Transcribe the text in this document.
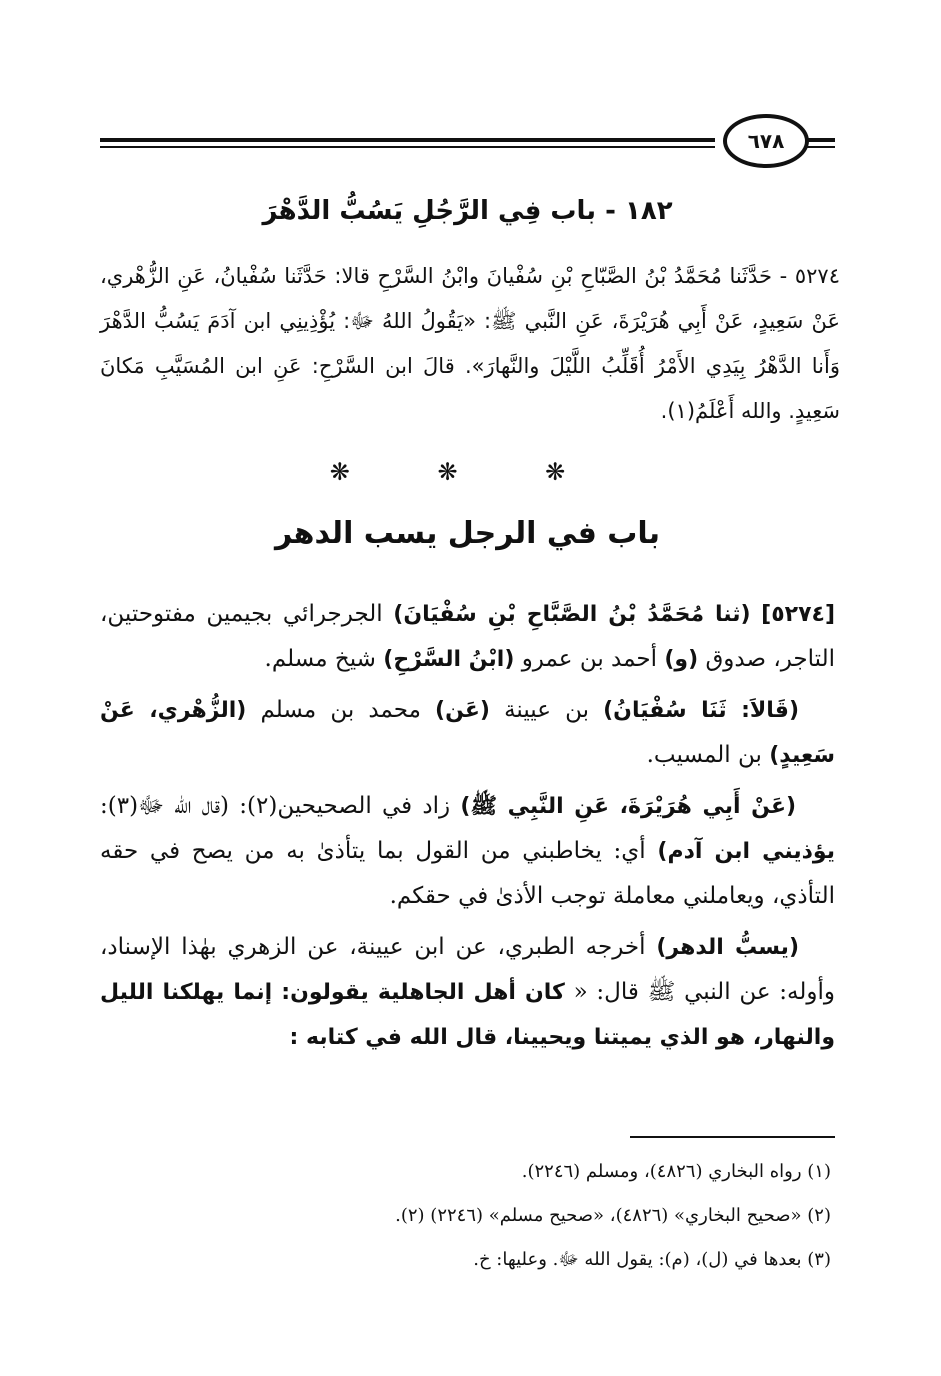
٦٧٨
١٨٢ - باب فِي الرَّجُلِ يَسُبُّ الدَّهْرَ

٥٢٧٤ - حَدَّثَنا مُحَمَّدُ بْنُ الصَّبّاحِ بْنِ سُفْيانَ وابْنُ السَّرْحِ قالا: حَدَّثَنا سُفْيانُ، عَنِ الزُّهْري، عَنْ سَعِيدٍ، عَنْ أَبِي هُرَيْرَةَ، عَنِ النَّبي ﷺ: «يَقُولُ اللهُ ﷻ: يُؤْذِينِي ابن آدَمَ يَسُبُّ الدَّهْرَ وَأَنا الدَّهْرُ بِيَدِي الأَمْرُ أُقَلِّبُ اللَّيْلَ والنَّهارَ». قالَ ابن السَّرْحِ: عَنِ ابن المُسَيَّبِ مَكانَ سَعِيدٍ. والله أَعْلَمُ(١).

❋ ❋ ❋
باب في الرجل يسب الدهر

[٥٢٧٤] (ثنا مُحَمَّدُ بْنُ الصَّبَّاحِ بْنِ سُفْيَانَ) الجرجرائي بجيمين مفتوحتين، التاجر، صدوق (و) أحمد بن عمرو (ابْنُ السَّرْحِ) شيخ مسلم.

(قَالاَ: ثَنَا سُفْيَانُ) بن عيينة (عَن) محمد بن مسلم (الزُّهْري، عَنْ سَعِيدٍ) بن المسيب.

(عَنْ أَبِي هُرَيْرَةَ، عَنِ النَّبِي ﷺ) زاد في الصحيحين(٢): (قال الله ﷻ(٣): يؤذيني ابن آدم) أي: يخاطبني من القول بما يتأذىٰ به من يصح في حقه التأذي، ويعاملني معاملة توجب الأذىٰ في حقكم.

(يسبُّ الدهر) أخرجه الطبري، عن ابن عيينة، عن الزهري بهٰذا الإسناد، وأوله: عن النبي ﷺ قال: « كان أهل الجاهلية يقولون: إنما يهلكنا الليل والنهار، هو الذي يميتنا ويحيينا، قال الله في كتابه :

(١) رواه البخاري (٤٨٢٦)، ومسلم (٢٢٤٦).

(٢) «صحيح البخاري» (٤٨٢٦)، «صحيح مسلم» (٢٢٤٦) (٢).

(٣) بعدها في (ل)، (م): يقول الله ﷻ. وعليها: خ.
